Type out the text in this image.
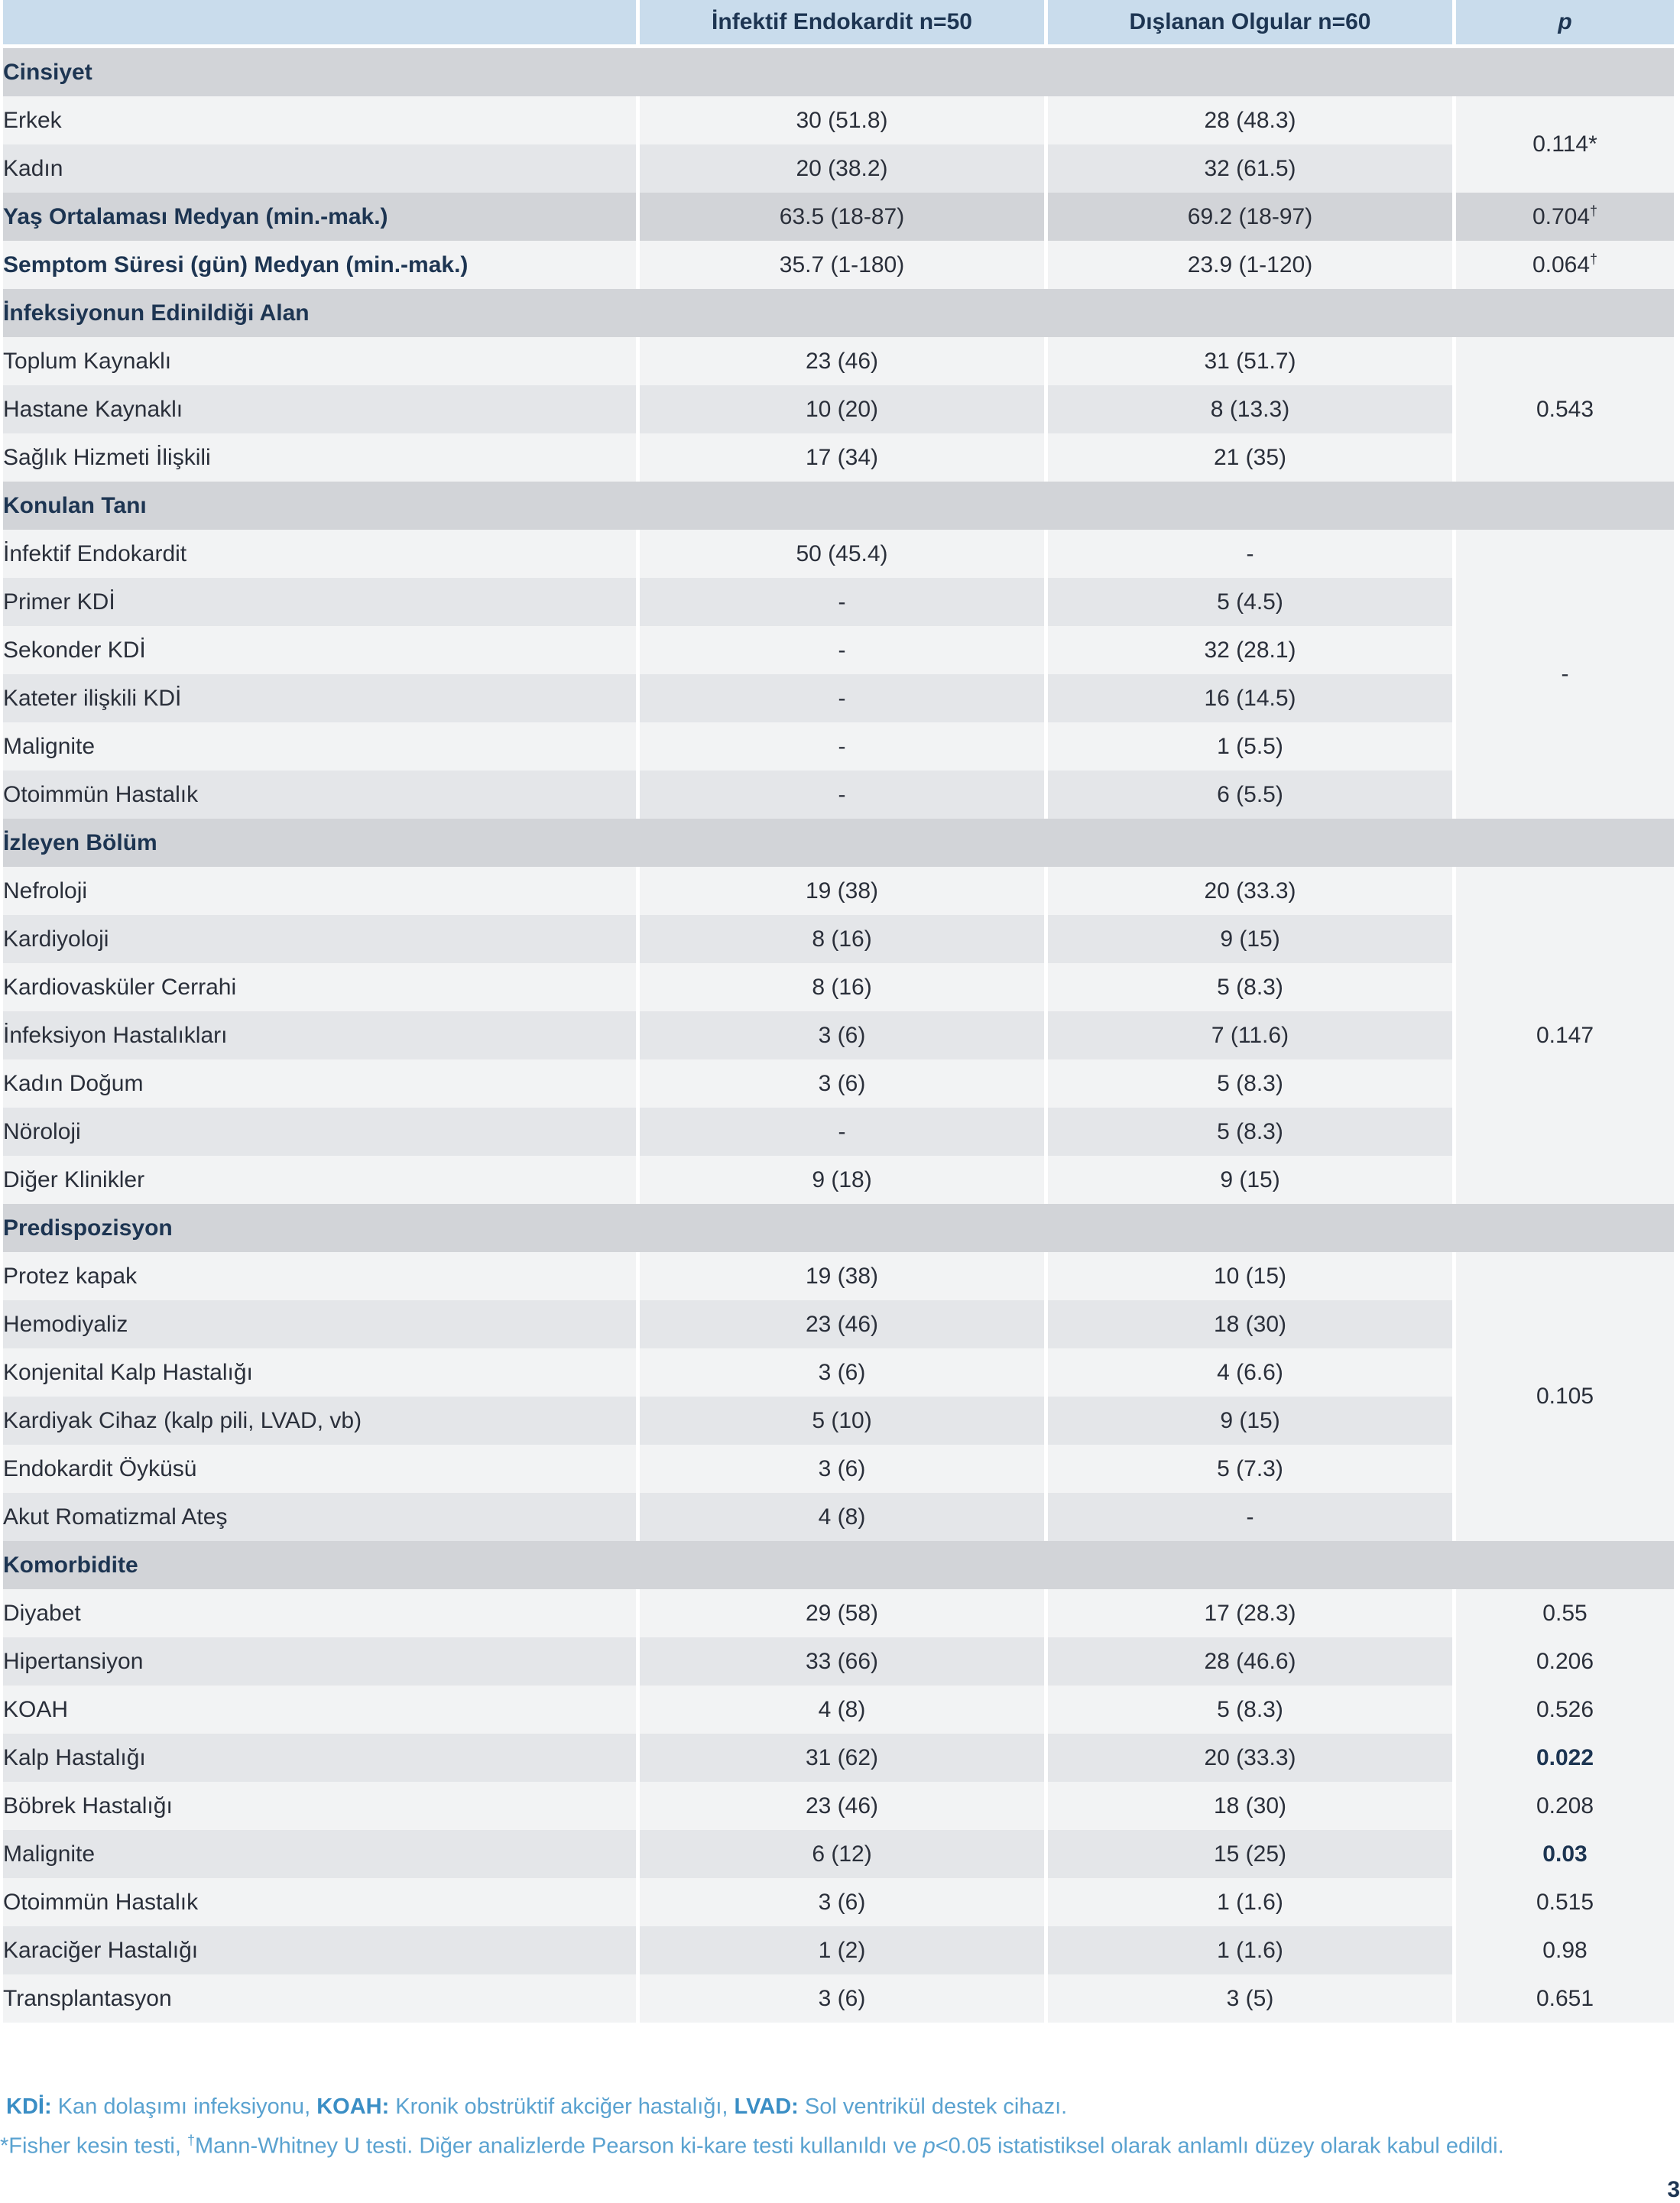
	İnfektif Endokardit n=50	Dışlanan Olgular n=60	p
Cinsiyet			
Erkek	30 (51.8)	28 (48.3)	0.114*
Kadın	20 (38.2)	32 (61.5)	
Yaş Ortalaması Medyan (min.-mak.)	63.5 (18-87)	69.2 (18-97)	0.704†
Semptom Süresi (gün) Medyan (min.-mak.)	35.7 (1-180)	23.9 (1-120)	0.064†
İnfeksiyonun Edinildiği Alan			
Toplum Kaynaklı	23 (46)	31 (51.7)	0.543
Hastane Kaynaklı	10 (20)	8 (13.3)	
Sağlık Hizmeti İlişkili	17 (34)	21 (35)	
Konulan Tanı			
İnfektif Endokardit	50 (45.4)	-	-
Primer KDİ	-	5 (4.5)	
Sekonder KDİ	-	32 (28.1)	
Kateter ilişkili KDİ	-	16 (14.5)	
Malignite	-	1 (5.5)	
Otoimmün Hastalık	-	6 (5.5)	
İzleyen Bölüm			
Nefroloji	19 (38)	20 (33.3)	0.147
Kardiyoloji	8 (16)	9 (15)	
Kardiovasküler Cerrahi	8 (16)	5 (8.3)	
İnfeksiyon Hastalıkları	3 (6)	7 (11.6)	
Kadın Doğum	3 (6)	5 (8.3)	
Nöroloji	-	5 (8.3)	
Diğer Klinikler	9 (18)	9 (15)	
Predispozisyon			
Protez kapak	19 (38)	10 (15)	0.105
Hemodiyaliz	23 (46)	18 (30)	
Konjenital Kalp Hastalığı	3 (6)	4 (6.6)	
Kardiyak Cihaz (kalp pili, LVAD, vb)	5 (10)	9 (15)	
Endokardit Öyküsü	3 (6)	5 (7.3)	
Akut Romatizmal Ateş	4 (8)	-	
Komorbidite			
Diyabet	29 (58)	17 (28.3)	0.55
Hipertansiyon	33 (66)	28 (46.6)	0.206
KOAH	4 (8)	5 (8.3)	0.526
Kalp Hastalığı	31 (62)	20 (33.3)	0.022
Böbrek Hastalığı	23 (46)	18 (30)	0.208
Malignite	6 (12)	15 (25)	0.03
Otoimmün Hastalık	3 (6)	1 (1.6)	0.515
Karaciğer Hastalığı	1 (2)	1 (1.6)	0.98
Transplantasyon	3 (6)	3 (5)	0.651
KDİ: Kan dolaşımı infeksiyonu, KOAH: Kronik obstrüktif akciğer hastalığı, LVAD: Sol ventrikül destek cihazı.
*Fisher kesin testi, †Mann-Whitney U testi. Diğer analizlerde Pearson ki-kare testi kullanıldı ve p<0.05 istatistiksel olarak anlamlı düzey olarak kabul edildi.
3
